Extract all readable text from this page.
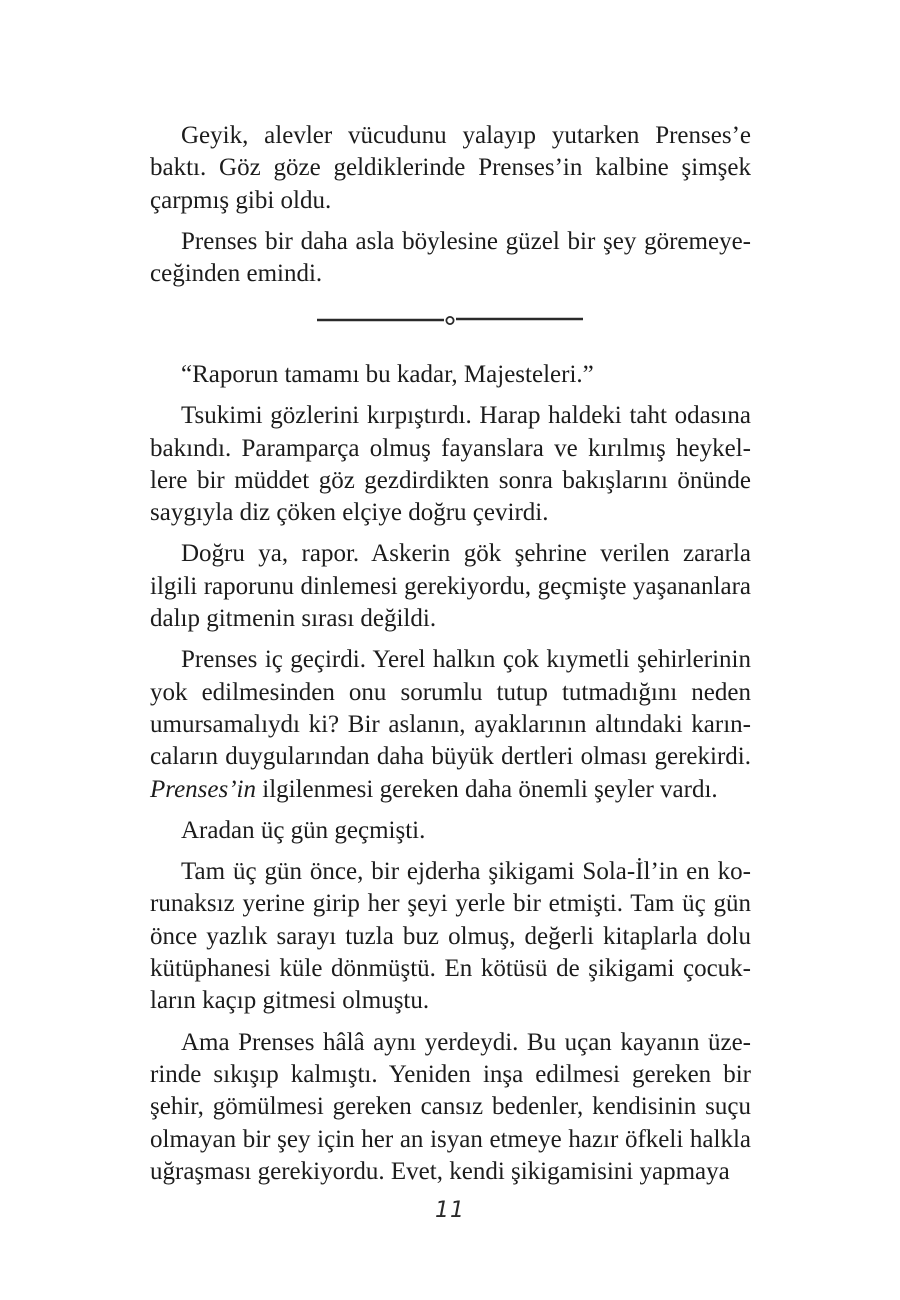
Geyik, alevler vücudunu yalayıp yutarken Prenses’e baktı. Göz göze geldiklerinde Prenses’in kalbine şimşek çarpmış gibi oldu.

Prenses bir daha asla böylesine güzel bir şey göremeyeceğinden emindi.

“Raporun tamamı bu kadar, Majesteleri.”

Tsukimi gözlerini kırpıştırdı. Harap haldeki taht odasına bakındı. Paramparça olmuş fayanslara ve kırılmış heykellere bir müddet göz gezdirdikten sonra bakışlarını önünde saygıyla diz çöken elçiye doğru çevirdi.

Doğru ya, rapor. Askerin gök şehrine verilen zararla ilgili raporunu dinlemesi gerekiyordu, geçmişte yaşananlara dalıp gitmenin sırası değildi.

Prenses iç geçirdi. Yerel halkın çok kıymetli şehirlerinin yok edilmesinden onu sorumlu tutup tutmadığını neden umursamalıydı ki? Bir aslanın, ayaklarının altındaki karıncaların duygularından daha büyük dertleri olması gerekirdi. Prenses’in ilgilenmesi gereken daha önemli şeyler vardı.

Aradan üç gün geçmişti.

Tam üç gün önce, bir ejderha şikigami Sola-İl’in en korunaksız yerine girip her şeyi yerle bir etmişti. Tam üç gün önce yazlık sarayı tuzla buz olmuş, değerli kitaplarla dolu kütüphanesi küle dönmüştü. En kötüsü de şikigami çocukların kaçıp gitmesi olmuştu.

Ama Prenses hâlâ aynı yerdeydi. Bu uçan kayanın üzerinde sıkışıp kalmıştı. Yeniden inşa edilmesi gereken bir şehir, gömülmesi gereken cansız bedenler, kendisinin suçu olmayan bir şey için her an isyan etmeye hazır öfkeli halkla uğraşması gerekiyordu. Evet, kendi şikigamisini yapmaya

11
